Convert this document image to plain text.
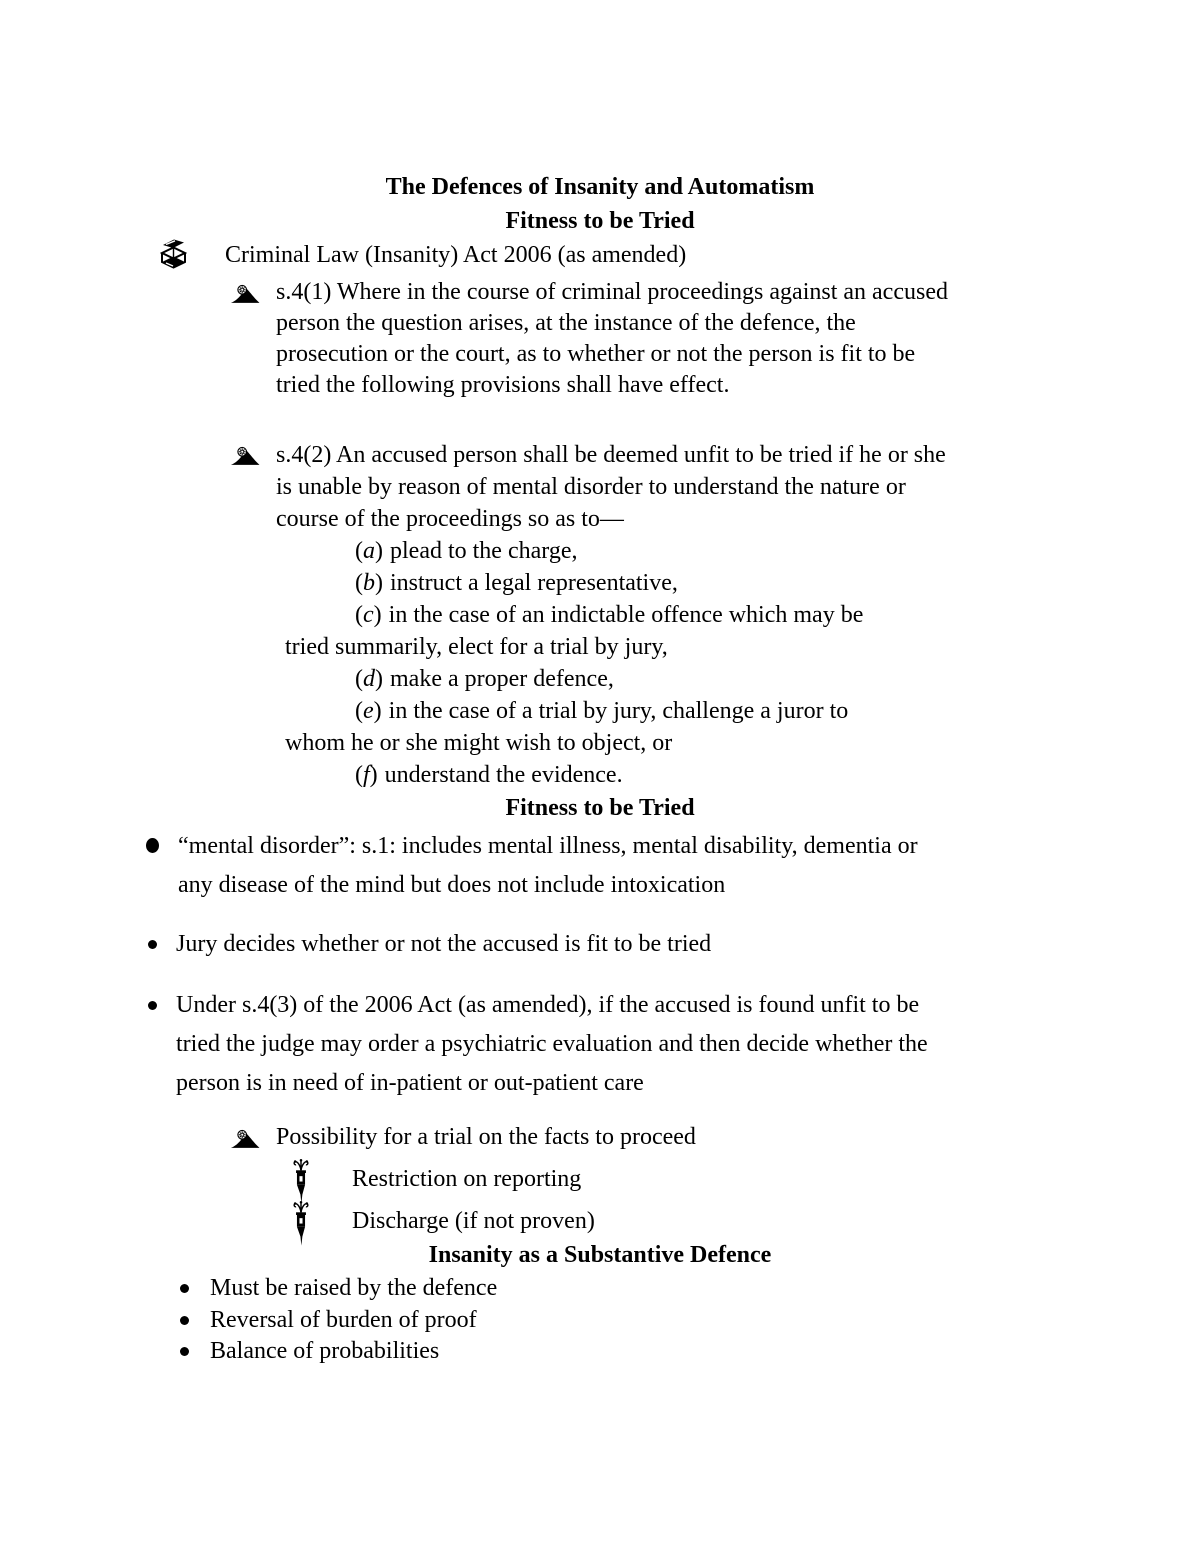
The Defences of Insanity and Automatism
Fitness to be Tried
Criminal Law (Insanity) Act 2006 (as amended)
s.4(1) Where in the course of criminal proceedings against an accused
person the question arises, at the instance of the defence, the
prosecution or the court, as to whether or not the person is fit to be
tried the following provisions shall have effect.
s.4(2) An accused person shall be deemed unfit to be tried if he or she
is unable by reason of mental disorder to understand the nature or
course of the proceedings so as to—
(a) plead to the charge,
(b) instruct a legal representative,
(c) in the case of an indictable offence which may be
tried summarily, elect for a trial by jury,
(d) make a proper defence,
(e) in the case of a trial by jury, challenge a juror to
whom he or she might wish to object, or
(f) understand the evidence.
Fitness to be Tried
“mental disorder”: s.1: includes mental illness, mental disability, dementia or
any disease of the mind but does not include intoxication
Jury decides whether or not the accused is fit to be tried
Under s.4(3) of the 2006 Act (as amended), if the accused is found unfit to be
tried the judge may order a psychiatric evaluation and then decide whether the
person is in need of in-patient or out-patient care
Possibility for a trial on the facts to proceed
Restriction on reporting
Discharge (if not proven)
Insanity as a Substantive Defence
Must be raised by the defence
Reversal of burden of proof
Balance of probabilities
